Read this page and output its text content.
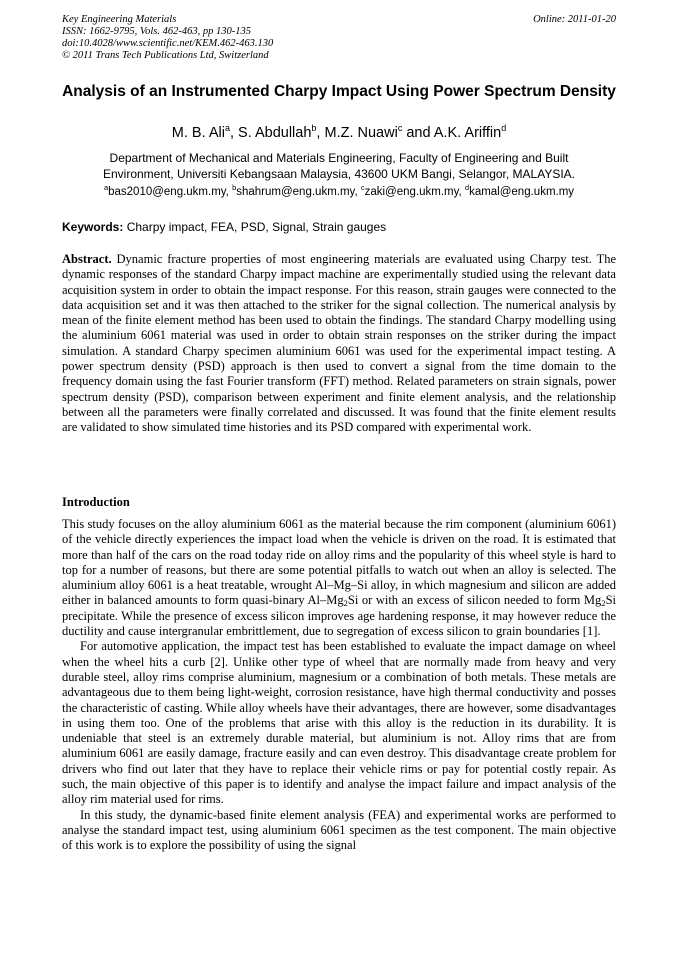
Key Engineering Materials
ISSN: 1662-9795, Vols. 462-463, pp 130-135
doi:10.4028/www.scientific.net/KEM.462-463.130
© 2011 Trans Tech Publications Ltd, Switzerland
Online: 2011-01-20
Analysis of an Instrumented Charpy Impact Using Power Spectrum Density
M. B. Ali$^a$, S. Abdullah$^b$, M.Z. Nuawi$^c$ and A.K. Ariffin$^d$
Department of Mechanical and Materials Engineering, Faculty of Engineering and Built
Environment, Universiti Kebangsaan Malaysia, 43600 UKM Bangi, Selangor, MALAYSIA.
$^a$bas2010@eng.ukm.my, $^b$shahrum@eng.ukm.my, $^c$zaki@eng.ukm.my, $^d$kamal@eng.ukm.my
Keywords: Charpy impact, FEA, PSD, Signal, Strain gauges
Abstract. Dynamic fracture properties of most engineering materials are evaluated using Charpy test. The dynamic responses of the standard Charpy impact machine are experimentally studied using the relevant data acquisition system in order to obtain the impact response. For this reason, strain gauges were connected to the data acquisition set and it was then attached to the striker for the signal collection. The numerical analysis by mean of the finite element method has been used to obtain the findings. The standard Charpy modelling using the aluminium 6061 material was used in order to obtain strain responses on the striker during the impact simulation. A standard Charpy specimen aluminium 6061 was used for the experimental impact testing. A power spectrum density (PSD) approach is then used to convert a signal from the time domain to the frequency domain using the fast Fourier transform (FFT) method. Related parameters on strain signals, power spectrum density (PSD), comparison between experiment and finite element analysis, and the relationship between all the parameters were finally correlated and discussed. It was found that the finite element results are validated to show simulated time histories and its PSD compared with experimental work.
Introduction

This study focuses on the alloy aluminium 6061 as the material because the rim component (aluminium 6061) of the vehicle directly experiences the impact load when the vehicle is driven on the road. It is estimated that more than half of the cars on the road today ride on alloy rims and the popularity of this wheel style is hard to top for a number of reasons, but there are some potential pitfalls to watch out when an alloy is selected. The aluminium alloy 6061 is a heat treatable, wrought Al–Mg–Si alloy, in which magnesium and silicon are added either in balanced amounts to form quasi-binary $Al-Mg_2Si$ or with an excess of silicon needed to form $Mg_2Si$ precipitate. While the presence of excess silicon improves age hardening response, it may however reduce the ductility and cause intergranular embrittlement, due to segregation of excess silicon to grain boundaries [1].

For automotive application, the impact test has been established to evaluate the impact damage on wheel when the wheel hits a curb [2]. Unlike other type of wheel that are normally made from heavy and very durable steel, alloy rims comprise aluminium, magnesium or a combination of both metals. These metals are advantageous due to them being light-weight, corrosion resistance, have high thermal conductivity and posses the characteristic of casting. While alloy wheels have their advantages, there are however, some disadvantages in using them too. One of the problems that arise with this alloy is the reduction in its durability. It is undeniable that steel is an extremely durable material, but aluminium is not. Alloy rims that are from aluminium 6061 are easily damage, fracture easily and can even destroy. This disadvantage create problem for drivers who find out later that they have to replace their vehicle rims or pay for potential costly repair. As such, the main objective of this paper is to identify and analyse the impact failure and impact analysis of the alloy rim material used for rims.

In this study, the dynamic-based finite element analysis (FEA) and experimental works are performed to analyse the standard impact test, using aluminium 6061 specimen as the test component. The main objective of this work is to explore the possibility of using the signal
